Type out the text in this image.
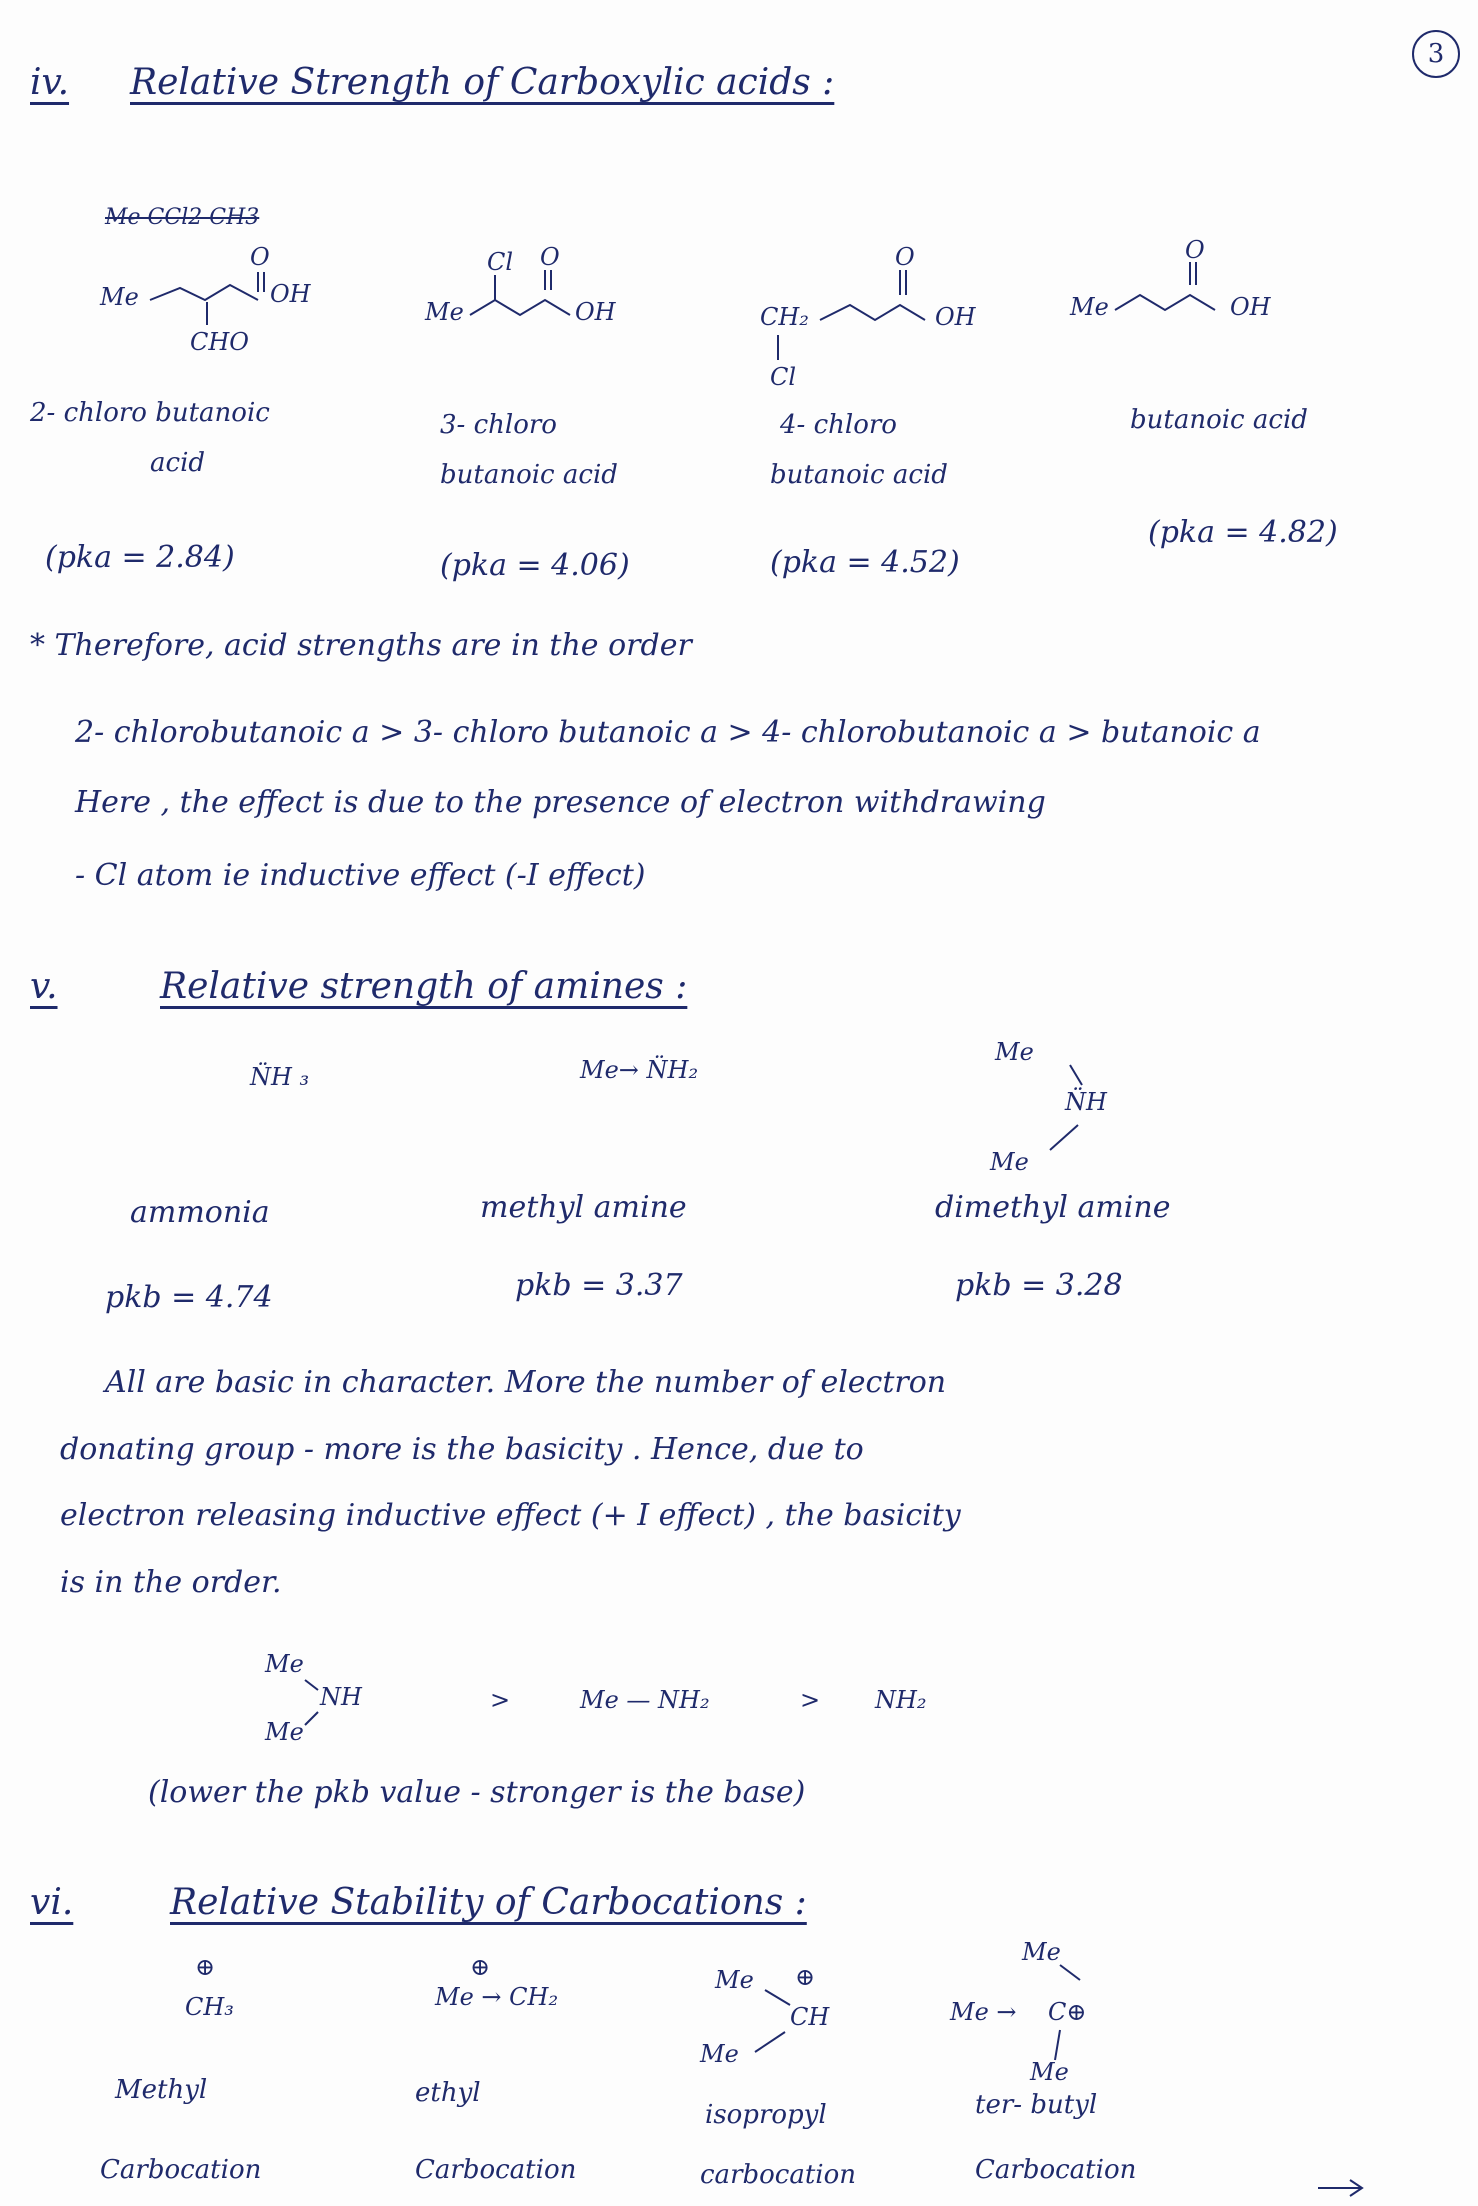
3
iv. Relative Strength of Carboxylic acids :
Me CCl2 CH3
2- chloro butanoic
acid
(pka = 2.84)
3- chloro
butanoic acid
(pka = 4.06)
4- chloro
butanoic acid
(pka = 4.52)
butanoic acid
(pka = 4.82)
* Therefore, acid strengths are in the order
2- chlorobutanoic a > 3- chloro butanoic a > 4- chlorobutanoic a > butanoic a
Here , the effect is due to the presence of electron withdrawing
- Cl atom ie inductive effect (-I effect)
v.	Relative strength of amines :
ammonia
pkb = 4.74
methyl amine
pkb = 3.37
dimethyl amine
pkb = 3.28
All are basic in character. More the number of electron
donating group - more is the basicity . Hence, due to
electron releasing inductive effect (+ I effect) , the basicity
is in the order.
(lower the pkb value - stronger is the base)
vi.	Relative Stability of Carbocations :
Methyl
Carbocation
ethyl
Carbocation
isopropyl
carbocation
ter- butyl
Carbocation
Me
O
OH
CHO
Me
Cl O
OH	CH₂
O
OH
Cl
Me
O
OH
N̈H ₃	Me→ N̈H₂
Me
N̈H
Me
Me
NH
Me
>	Me — NH₂	> NH₂
⊕
CH₃
⊕
Me → CH₂
Me ⊕
CH
Me
Me
Me → C⊕
Me
